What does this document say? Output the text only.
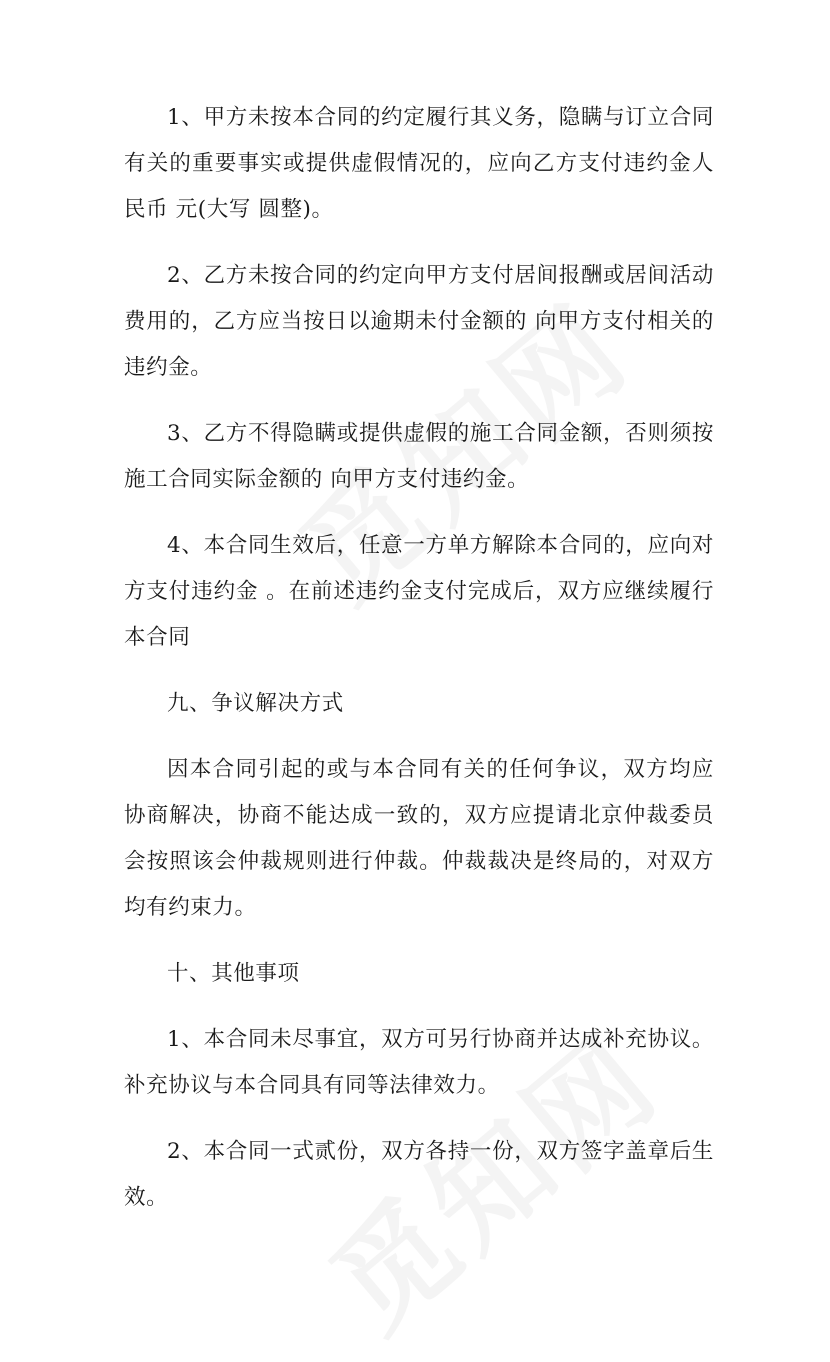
1、甲方未按本合同的约定履行其义务，隐瞒与订立合同有关的重要事实或提供虚假情况的，应向乙方支付违约金人民币 元(大写 圆整)。

2、乙方未按合同的约定向甲方支付居间报酬或居间活动费用的，乙方应当按日以逾期未付金额的 向甲方支付相关的违约金。

3、乙方不得隐瞒或提供虚假的施工合同金额，否则须按施工合同实际金额的 向甲方支付违约金。

4、本合同生效后，任意一方单方解除本合同的，应向对方支付违约金 。在前述违约金支付完成后，双方应继续履行本合同

九、争议解决方式

因本合同引起的或与本合同有关的任何争议，双方均应协商解决，协商不能达成一致的，双方应提请北京仲裁委员会按照该会仲裁规则进行仲裁。仲裁裁决是终局的，对双方均有约束力。

十、其他事项

1、本合同未尽事宜，双方可另行协商并达成补充协议。补充协议与本合同具有同等法律效力。

2、本合同一式贰份，双方各持一份，双方签字盖章后生效。
